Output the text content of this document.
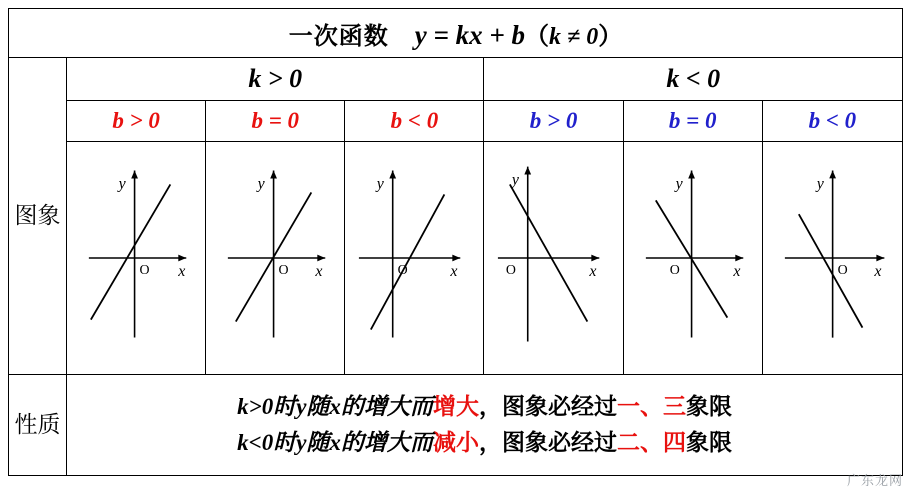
一次函数 y = kx + b（k ≠ 0）						
图象	k > 0			k < 0		
	b > 0	b = 0	b < 0	b > 0	b = 0	b < 0

y
x
O	y
x
O	y
x
O	y
x
O	y
x
O	y
x
O

性质	k>0时y随x的增大而增大，图象必经过一、三象限
k<0时y随x的增大而减小，图象必经过二、四象限					
广东龙网
